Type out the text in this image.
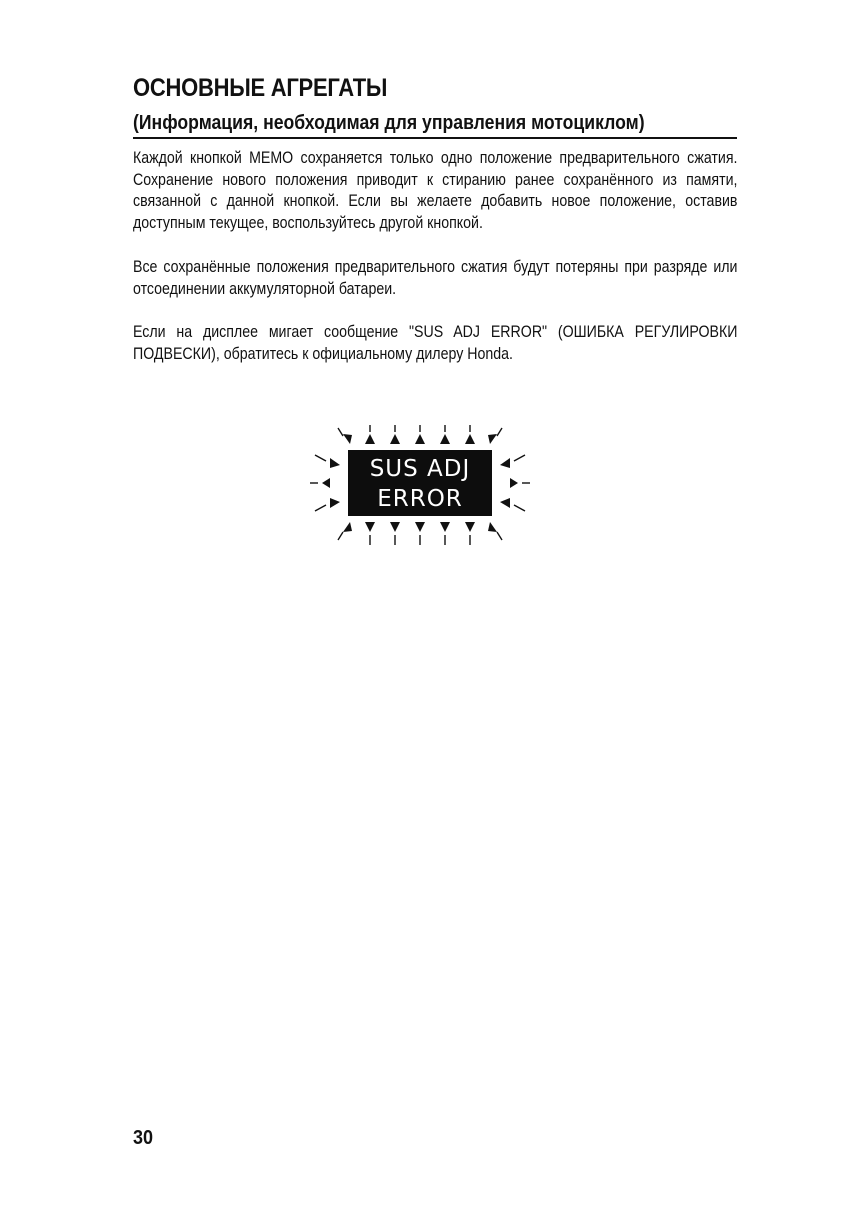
ОСНОВНЫЕ АГРЕГАТЫ
(Информация, необходимая для управления мотоциклом)

Каждой кнопкой MEMO сохраняется только одно положение предварительного сжатия. Сохранение нового положения приводит к стиранию ранее сохранённого из памяти, связанной с данной кнопкой. Если вы желаете добавить новое положение, оставив доступным текущее, воспользуйтесь другой кнопкой.

Все сохранённые положения предварительного сжатия будут потеряны при разряде или отсоединении аккумуляторной батареи.

Если на дисплее мигает сообщение "SUS ADJ ERROR" (ОШИБКА РЕГУЛИРОВКИ ПОДВЕСКИ), обратитесь к официальному дилеру Honda.

SUS ADJ
ERROR
30
